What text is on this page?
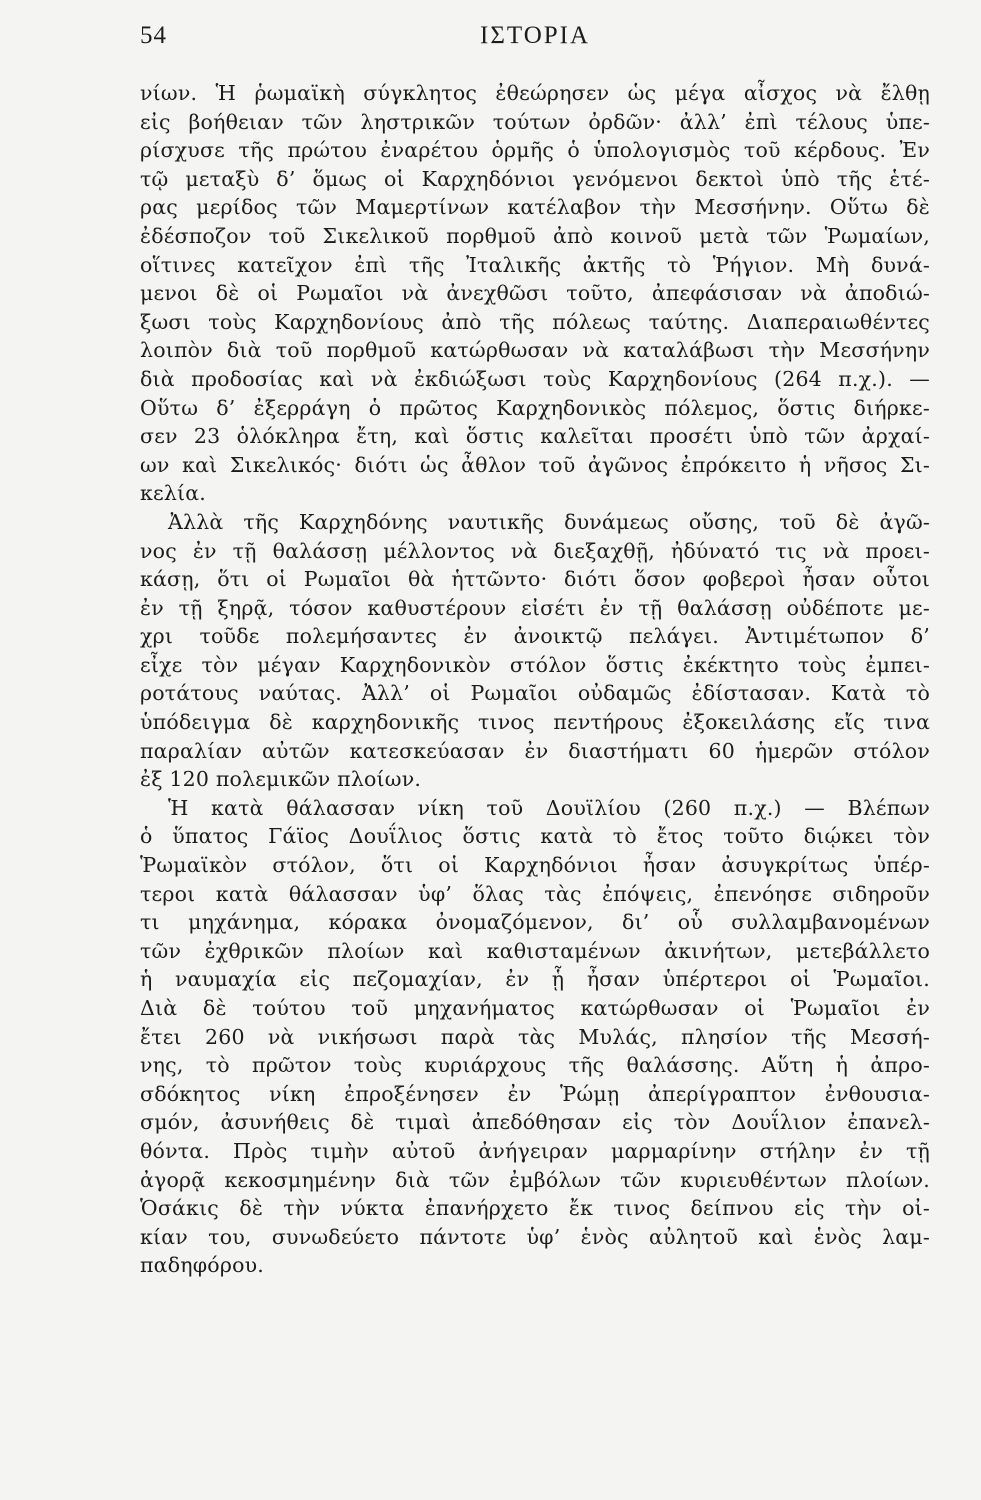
54	ΙΣΤΟΡΙΑ
νίων. Ἡ ῥωμαϊκὴ σύγκλητος ἐθεώρησεν ὡς μέγα αἶσχος νὰ ἔλθῃ
εἰς βοήθειαν τῶν ληστρικῶν τούτων ὀρδῶν· ἀλλ’ ἐπὶ τέλους ὑπε-
ρίσχυσε τῆς πρώτου ἐναρέτου ὁρμῆς ὁ ὑπολογισμὸς τοῦ κέρδους. Ἐν
τῷ μεταξὺ δ’ ὅμως οἱ Καρχηδόνιοι γενόμενοι δεκτοὶ ὑπὸ τῆς ἑτέ-
ρας μερίδος τῶν Μαμερτίνων κατέλαβον τὴν Μεσσήνην. Οὕτω δὲ
ἐδέσποζον τοῦ Σικελικοῦ πορθμοῦ ἀπὸ κοινοῦ μετὰ τῶν Ῥωμαίων,
οἵτινες κατεῖχον ἐπὶ τῆς Ἰταλικῆς ἀκτῆς τὸ Ῥήγιον. Μὴ δυνά-
μενοι δὲ οἱ Ρωμαῖοι νὰ ἀνεχθῶσι τοῦτο, ἀπεφάσισαν νὰ ἀποδιώ-
ξωσι τοὺς Καρχηδονίους ἀπὸ τῆς πόλεως ταύτης. Διαπεραιωθέντες
λοιπὸν διὰ τοῦ πορθμοῦ κατώρθωσαν νὰ καταλάβωσι τὴν Μεσσήνην
διὰ προδοσίας καὶ νὰ ἐκδιώξωσι τοὺς Καρχηδονίους (264 π.χ.). —
Οὕτω δ’ ἐξερράγη ὁ πρῶτος Καρχηδονικὸς πόλεμος, ὅστις διήρκε-
σεν 23 ὁλόκληρα ἔτη, καὶ ὅστις καλεῖται προσέτι ὑπὸ τῶν ἀρχαί-
ων καὶ Σικελικός· διότι ὡς ἆθλον τοῦ ἀγῶνος ἐπρόκειτο ἡ νῆσος Σι-
κελία.
Ἀλλὰ τῆς Καρχηδόνης ναυτικῆς δυνάμεως οὔσης, τοῦ δὲ ἀγῶ-
νος ἐν τῇ θαλάσσῃ μέλλοντος νὰ διεξαχθῇ, ἠδύνατό τις νὰ προει-
κάσῃ, ὅτι οἱ Ρωμαῖοι θὰ ἡττῶντο· διότι ὅσον φοβεροὶ ἦσαν οὗτοι
ἐν τῇ ξηρᾷ, τόσον καθυστέρουν εἰσέτι ἐν τῇ θαλάσσῃ οὐδέποτε με-
χρι τοῦδε πολεμήσαντες ἐν ἀνοικτῷ πελάγει. Ἀντιμέτωπον δ’
εἶχε τὸν μέγαν Καρχηδονικὸν στόλον ὅστις ἐκέκτητο τοὺς ἐμπει-
ροτάτους ναύτας. Ἀλλ’ οἱ Ρωμαῖοι οὐδαμῶς ἐδίστασαν. Κατὰ τὸ
ὑπόδειγμα δὲ καρχηδονικῆς τινος πεντήρους ἐξοκειλάσης εἴς τινα
παραλίαν αὐτῶν κατεσκεύασαν ἐν διαστήματι 60 ἡμερῶν στόλον
ἐξ 120 πολεμικῶν πλοίων.
Ἡ κατὰ θάλασσαν νίκη τοῦ Δουϊλίου (260 π.χ.) — Βλέπων
ὁ ὕπατος Γάϊος Δουΐλιος ὅστις κατὰ τὸ ἔτος τοῦτο διῴκει τὸν
Ῥωμαϊκὸν στόλον, ὅτι οἱ Καρχηδόνιοι ἦσαν ἀσυγκρίτως ὑπέρ-
τεροι κατὰ θάλασσαν ὑφ’ ὅλας τὰς ἐπόψεις, ἐπενόησε σιδηροῦν
τι μηχάνημα, κόρακα ὀνομαζόμενον, δι’ οὗ συλλαμβανομένων
τῶν ἐχθρικῶν πλοίων καὶ καθισταμένων ἀκινήτων, μετεβάλλετο
ἡ ναυμαχία εἰς πεζομαχίαν, ἐν ᾗ ἦσαν ὑπέρτεροι οἱ Ῥωμαῖοι.
Διὰ δὲ τούτου τοῦ μηχανήματος κατώρθωσαν οἱ Ῥωμαῖοι ἐν
ἔτει 260 νὰ νικήσωσι παρὰ τὰς Μυλάς, πλησίον τῆς Μεσσή-
νης, τὸ πρῶτον τοὺς κυριάρχους τῆς θαλάσσης. Αὕτη ἡ ἀπρο-
σδόκητος νίκη ἐπροξένησεν ἐν Ῥώμῃ ἀπερίγραπτον ἐνθουσια-
σμόν, ἀσυνήθεις δὲ τιμαὶ ἀπεδόθησαν εἰς τὸν Δουΐλιον ἐπανελ-
θόντα. Πρὸς τιμὴν αὐτοῦ ἀνήγειραν μαρμαρίνην στήλην ἐν τῇ
ἀγορᾷ κεκοσμημένην διὰ τῶν ἐμβόλων τῶν κυριευθέντων πλοίων.
Ὁσάκις δὲ τὴν νύκτα ἐπανήρχετο ἔκ τινος δείπνου εἰς τὴν οἰ-
κίαν του, συνωδεύετο πάντοτε ὑφ’ ἑνὸς αὐλητοῦ καὶ ἑνὸς λαμ-
παδηφόρου.
